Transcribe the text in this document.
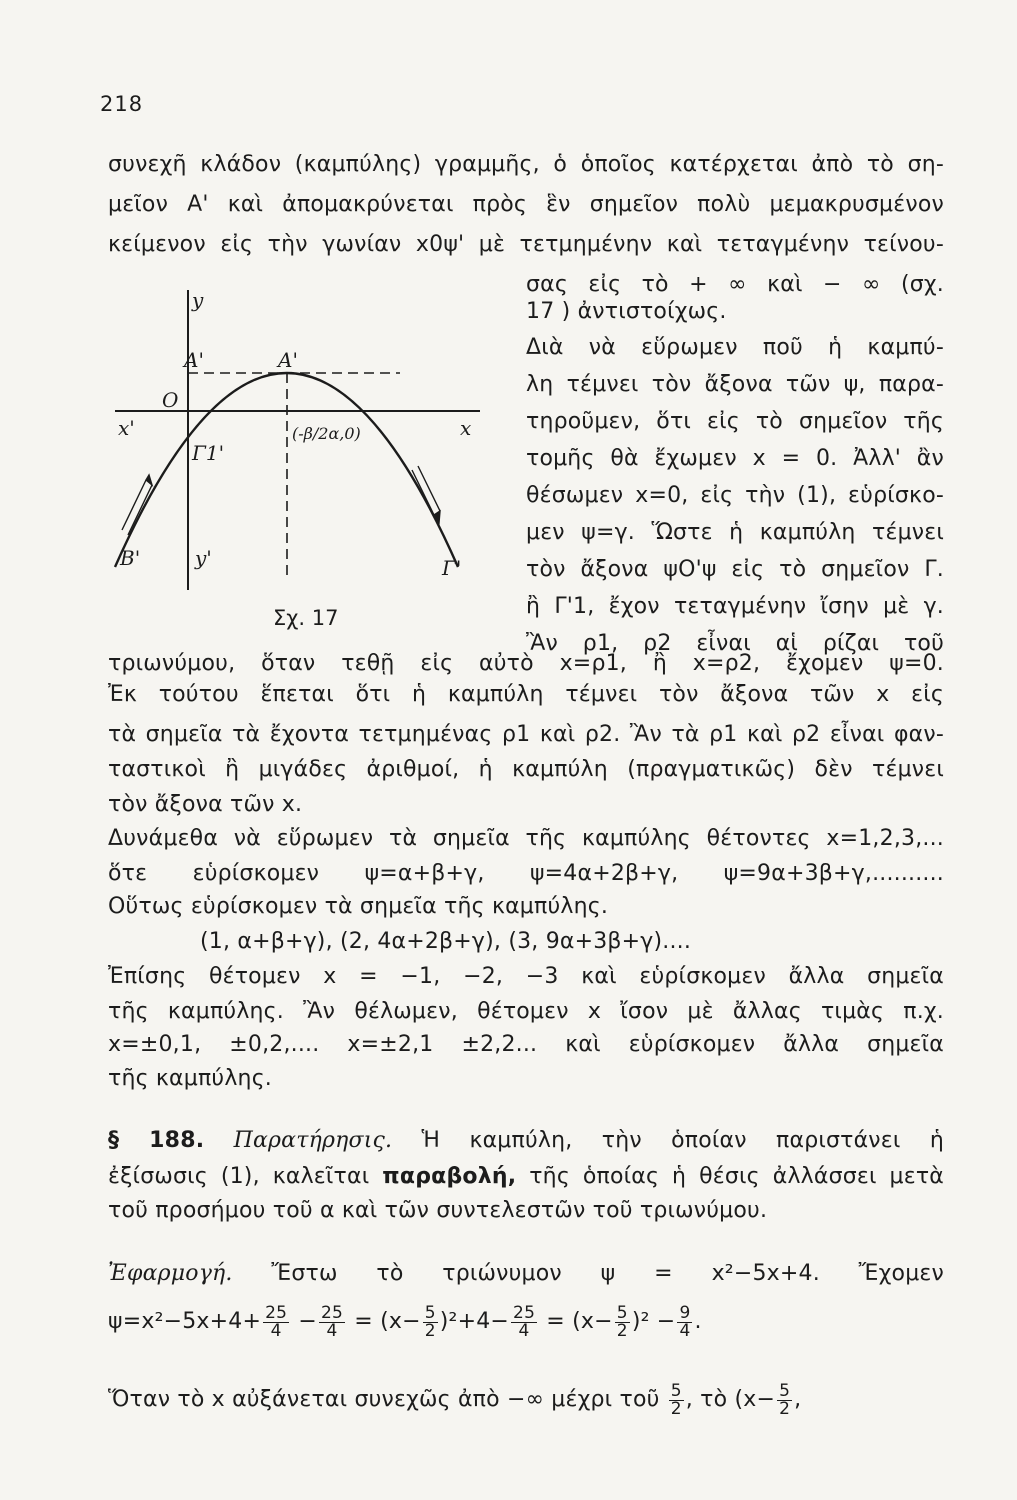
218
συνεχῆ κλάδον (καμπύλης) γραμμῆς, ὁ ὁποῖος κατέρχεται ἀπὸ τὸ ση-
μεῖον Α' καὶ ἀπομακρύνεται πρὸς ἓν σημεῖον πολὺ μεμακρυσμένον
κείμενον εἰς τὴν γωνίαν x0ψ' μὲ τετμημένην καὶ τεταγμένην τείνου-
σας εἰς τὸ + ∞ καὶ − ∞ (σχ.
17 ) ἀντιστοίχως.
Διὰ νὰ εὕρωμεν ποῦ ἡ καμπύ-
λη τέμνει τὸν ἄξονα τῶν ψ, παρα-
τηροῦμεν, ὅτι εἰς τὸ σημεῖον τῆς
τομῆς θὰ ἔχωμεν x = 0. Ἀλλ' ἂν
θέσωμεν x=0, εἰς τὴν (1), εὑρίσκο-
μεν ψ=γ. Ὥστε ἡ καμπύλη τέμνει
τὸν ἄξονα ψΟ'ψ εἰς τὸ σημεῖον Γ.
ἢ Γ'1, ἔχον τεταγμένην ἴσην μὲ γ.
Ἂν ρ1, ρ2 εἶναι αἱ ρίζαι τοῦ
y
A'	A'
O
x'	x
Γ1'
(-β/2α,0)
B'	y'	Γ'
Σχ. 17
τριωνύμου, ὅταν τεθῇ εἰς αὐτὸ x=ρ1, ἢ x=ρ2, ἔχομεν ψ=0.
Ἐκ τούτου ἕπεται ὅτι ἡ καμπύλη τέμνει τὸν ἄξονα τῶν x εἰς
τὰ σημεῖα τὰ ἔχοντα τετμημένας ρ1 καὶ ρ2. Ἂν τὰ ρ1 καὶ ρ2 εἶναι φαν-
ταστικοὶ ἢ μιγάδες ἀριθμοί, ἡ καμπύλη (πραγματικῶς) δὲν τέμνει
τὸν ἄξονα τῶν x.
Δυνάμεθα νὰ εὕρωμεν τὰ σημεῖα τῆς καμπύλης θέτοντες x=1,2,3,...
ὅτε εὑρίσκομεν ψ=α+β+γ, ψ=4α+2β+γ, ψ=9α+3β+γ,..........
Οὕτως εὑρίσκομεν τὰ σημεῖα τῆς καμπύλης.
(1, α+β+γ), (2, 4α+2β+γ), (3, 9α+3β+γ)....
Ἐπίσης θέτομεν x = −1, −2, −3 καὶ εὑρίσκομεν ἄλλα σημεῖα
τῆς καμπύλης. Ἂν θέλωμεν, θέτομεν x ἴσον μὲ ἄλλας τιμὰς π.χ.
x=±0,1, ±0,2,.... x=±2,1 ±2,2... καὶ εὑρίσκομεν ἄλλα σημεῖα
τῆς καμπύλης.
§ 188. Παρατήρησις. Ἡ καμπύλη, τὴν ὁποίαν παριστάνει ἡ
ἐξίσωσις (1), καλεῖται παραβολή, τῆς ὁποίας ἡ θέσις ἀλλάσσει μετὰ
τοῦ προσήμου τοῦ α καὶ τῶν συντελεστῶν τοῦ τριωνύμου.
Ἐφαρμογή. Ἔστω τὸ τριώνυμον ψ = x²−5x+4. Ἔχομεν
$\psi=x^2-5x+4+ \frac{25}{4} - \frac{25}{4} = (x- \frac{5}{2} )^2+4- \frac{25}{4} = (x- \frac{5}{2} )^2 - \frac{9}{4}$ .
Ὅταν τὸ x αὐξάνεται συνεχῶς ἀπὸ −∞ μέχρι τοῦ $\frac{5}{2}$ , τὸ ($x- \frac{5}{2}$ ,
